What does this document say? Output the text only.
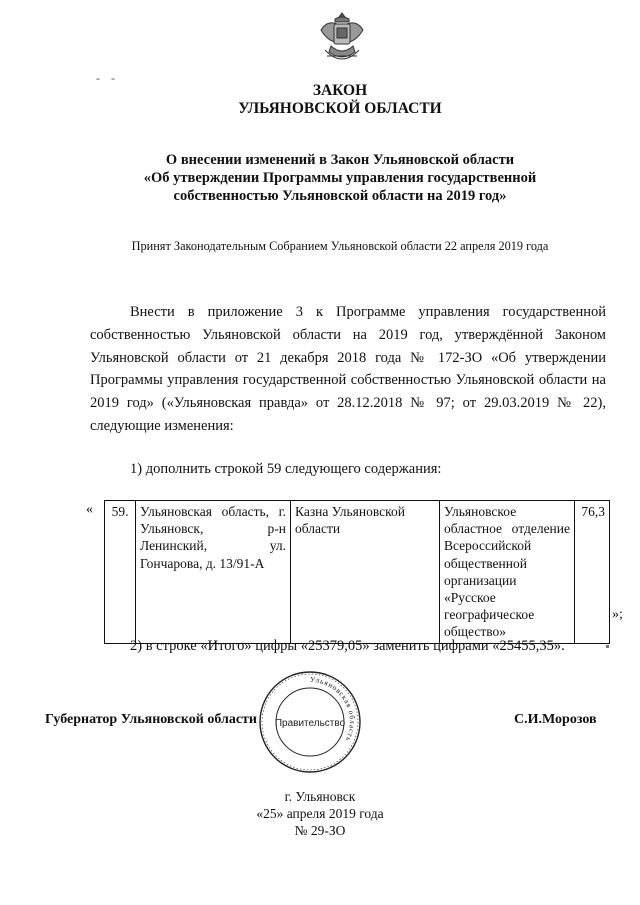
- -
ЗАКОН
УЛЬЯНОВСКОЙ ОБЛАСТИ
О внесении изменений в Закон Ульяновской области
«Об утверждении Программы управления государственной
собственностью Ульяновской области на 2019 год»
Принят Законодательным Собранием Ульяновской области 22 апреля 2019 года
Внести в приложение 3 к Программе управления государственной собственностью Ульяновской области на 2019 год, утверждённой Законом Ульяновской области от 21 декабря 2018 года № 172-ЗО «Об утверждении Программы управления государственной собственностью Ульяновской области на 2019 год» («Ульяновская правда» от 28.12.2018 № 97; от 29.03.2019 № 22), следующие изменения:
1) дополнить строкой 59 следующего содержания:
« 59.	Ульяновская область, г. Ульяновск, р-н Ленинский, ул. Гончарова, д. 13/91-А	Казна Ульяновской области	Ульяновское областное отделение Всероссийской общественной организации «Русское географическое общество»	76,3
»;
2) в строке «Итого» цифры «25379,05» заменить цифрами «25455,35».
Губернатор Ульяновской области	С.И.Морозов
Ульяновская область
Правительство
г. Ульяновск
«25» апреля 2019 года
№ 29-ЗО
